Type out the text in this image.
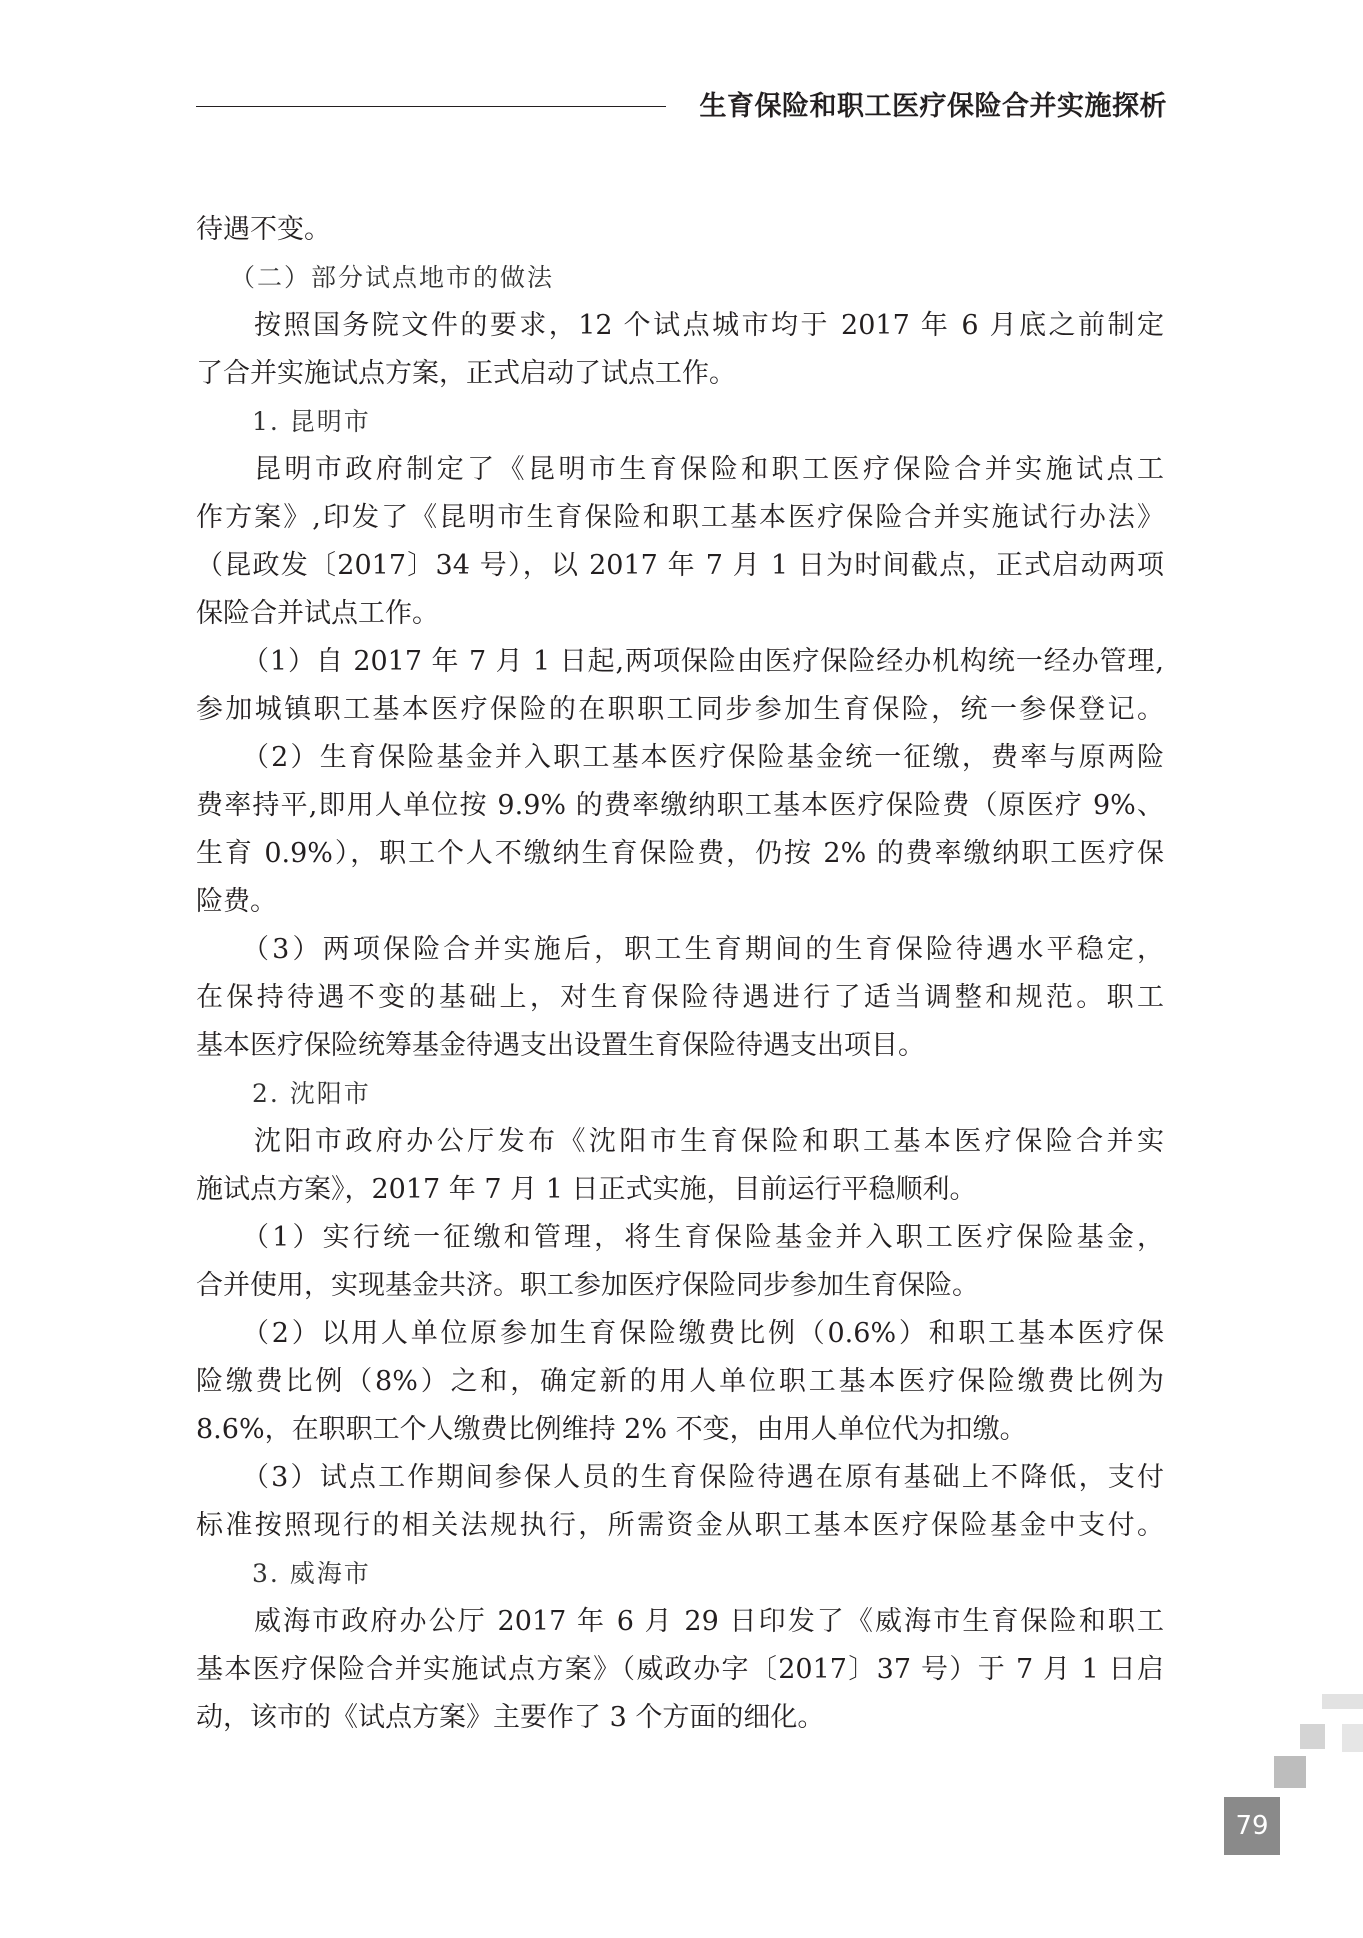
生育保险和职工医疗保险合并实施探析
待遇不变。
（二）部分试点地市的做法
按照国务院文件的要求，12 个试点城市均于 2017 年 6 月底之前制定
了合并实施试点方案，正式启动了试点工作。
1. 昆明市
昆明市政府制定了《昆明市生育保险和职工医疗保险合并实施试点工
作方案》,印发了《昆明市生育保险和职工基本医疗保险合并实施试行办法》
（昆政发〔2017〕34 号），以 2017 年 7 月 1 日为时间截点，正式启动两项
保险合并试点工作。
（1）自 2017 年 7 月 1 日起,两项保险由医疗保险经办机构统一经办管理,
参加城镇职工基本医疗保险的在职职工同步参加生育保险，统一参保登记。
（2）生育保险基金并入职工基本医疗保险基金统一征缴，费率与原两险
费率持平,即用人单位按 9.9% 的费率缴纳职工基本医疗保险费（原医疗 9%、
生育 0.9%），职工个人不缴纳生育保险费，仍按 2% 的费率缴纳职工医疗保
险费。
（3）两项保险合并实施后，职工生育期间的生育保险待遇水平稳定，
在保持待遇不变的基础上，对生育保险待遇进行了适当调整和规范。职工
基本医疗保险统筹基金待遇支出设置生育保险待遇支出项目。
2. 沈阳市
沈阳市政府办公厅发布《沈阳市生育保险和职工基本医疗保险合并实
施试点方案》，2017 年 7 月 1 日正式实施，目前运行平稳顺利。
（1）实行统一征缴和管理，将生育保险基金并入职工医疗保险基金，
合并使用，实现基金共济。职工参加医疗保险同步参加生育保险。
（2）以用人单位原参加生育保险缴费比例（0.6%）和职工基本医疗保
险缴费比例（8%）之和，确定新的用人单位职工基本医疗保险缴费比例为
8.6%，在职职工个人缴费比例维持 2% 不变，由用人单位代为扣缴。
（3）试点工作期间参保人员的生育保险待遇在原有基础上不降低，支付
标准按照现行的相关法规执行，所需资金从职工基本医疗保险基金中支付。
3. 威海市
威海市政府办公厅 2017 年 6 月 29 日印发了《威海市生育保险和职工
基本医疗保险合并实施试点方案》（威政办字〔2017〕37 号）于 7 月 1 日启
动，该市的《试点方案》主要作了 3 个方面的细化。
79
